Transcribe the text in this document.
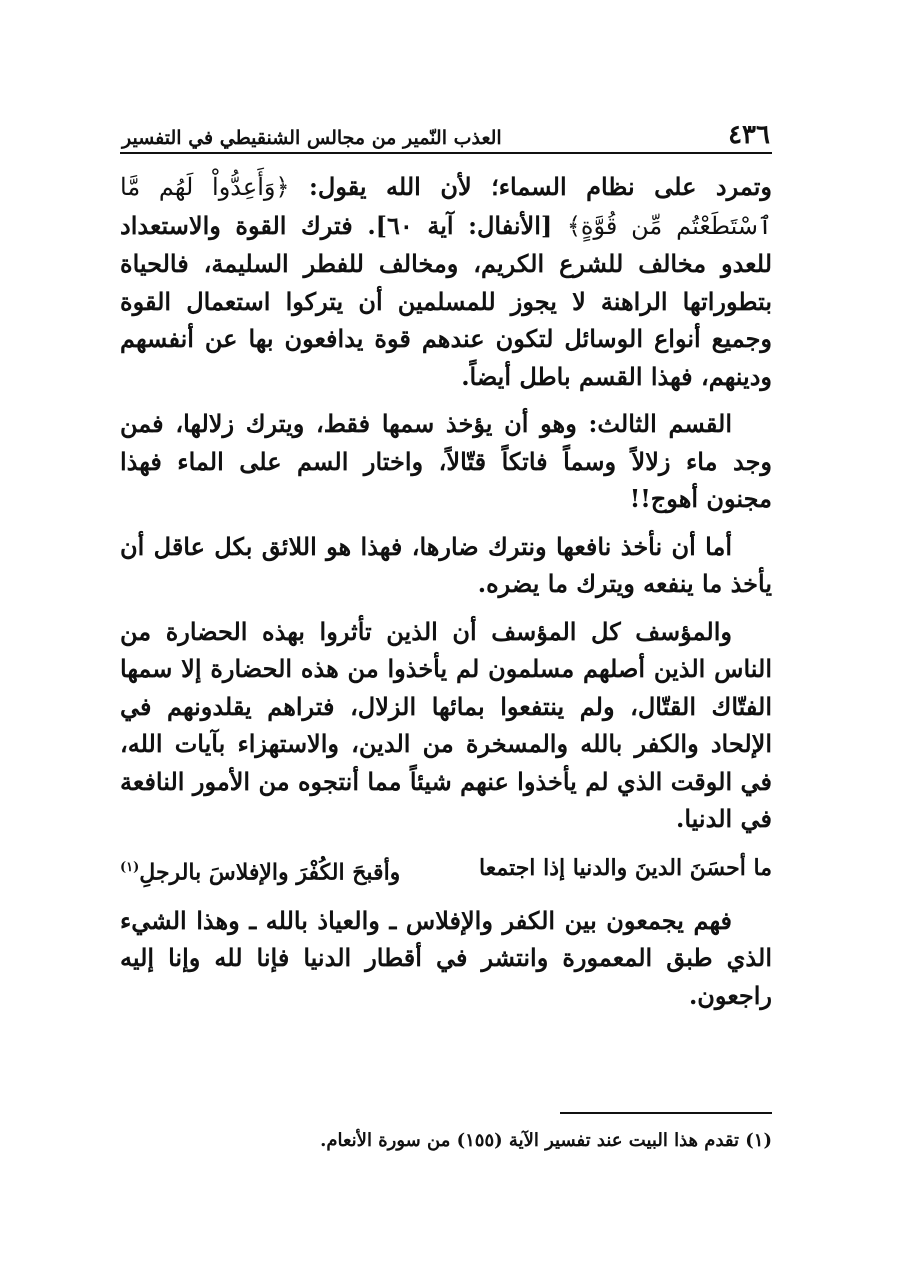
٤٣٦
العذب النّمير من مجالس الشنقيطي في التفسير

وتمرد على نظام السماء؛ لأن الله يقول: ﴿وَأَعِدُّواْ لَهُم مَّا ٱسْتَطَعْتُم مِّن قُوَّةٍ﴾ [الأنفال: آية ٦٠]. فترك القوة والاستعداد للعدو مخالف للشرع الكريم، ومخالف للفطر السليمة، فالحياة بتطوراتها الراهنة لا يجوز للمسلمين أن يتركوا استعمال القوة وجميع أنواع الوسائل لتكون عندهم قوة يدافعون بها عن أنفسهم ودينهم، فهذا القسم باطل أيضاً.

القسم الثالث: وهو أن يؤخذ سمها فقط، ويترك زلالها، فمن وجد ماء زلالاً وسماً فاتكاً قتّالاً، واختار السم على الماء فهذا مجنون أهوج!!

أما أن نأخذ نافعها ونترك ضارها، فهذا هو اللائق بكل عاقل أن يأخذ ما ينفعه ويترك ما يضره.

والمؤسف كل المؤسف أن الذين تأثروا بهذه الحضارة من الناس الذين أصلهم مسلمون لم يأخذوا من هذه الحضارة إلا سمها الفتّاك القتّال، ولم ينتفعوا بمائها الزلال، فتراهم يقلدونهم في الإلحاد والكفر بالله والمسخرة من الدين، والاستهزاء بآيات الله، في الوقت الذي لم يأخذوا عنهم شيئاً مما أنتجوه من الأمور النافعة في الدنيا.

ما أحسَنَ الدينَ والدنيا إذا اجتمعا
وأقبحَ الكُفْرَ والإفلاسَ بالرجلِ$^{(١)}$

فهم يجمعون بين الكفر والإفلاس ـ والعياذ بالله ـ وهذا الشيء الذي طبق المعمورة وانتشر في أقطار الدنيا فإنا لله وإنا إليه راجعون.

(١) تقدم هذا البيت عند تفسير الآية (١٥٥) من سورة الأنعام.
